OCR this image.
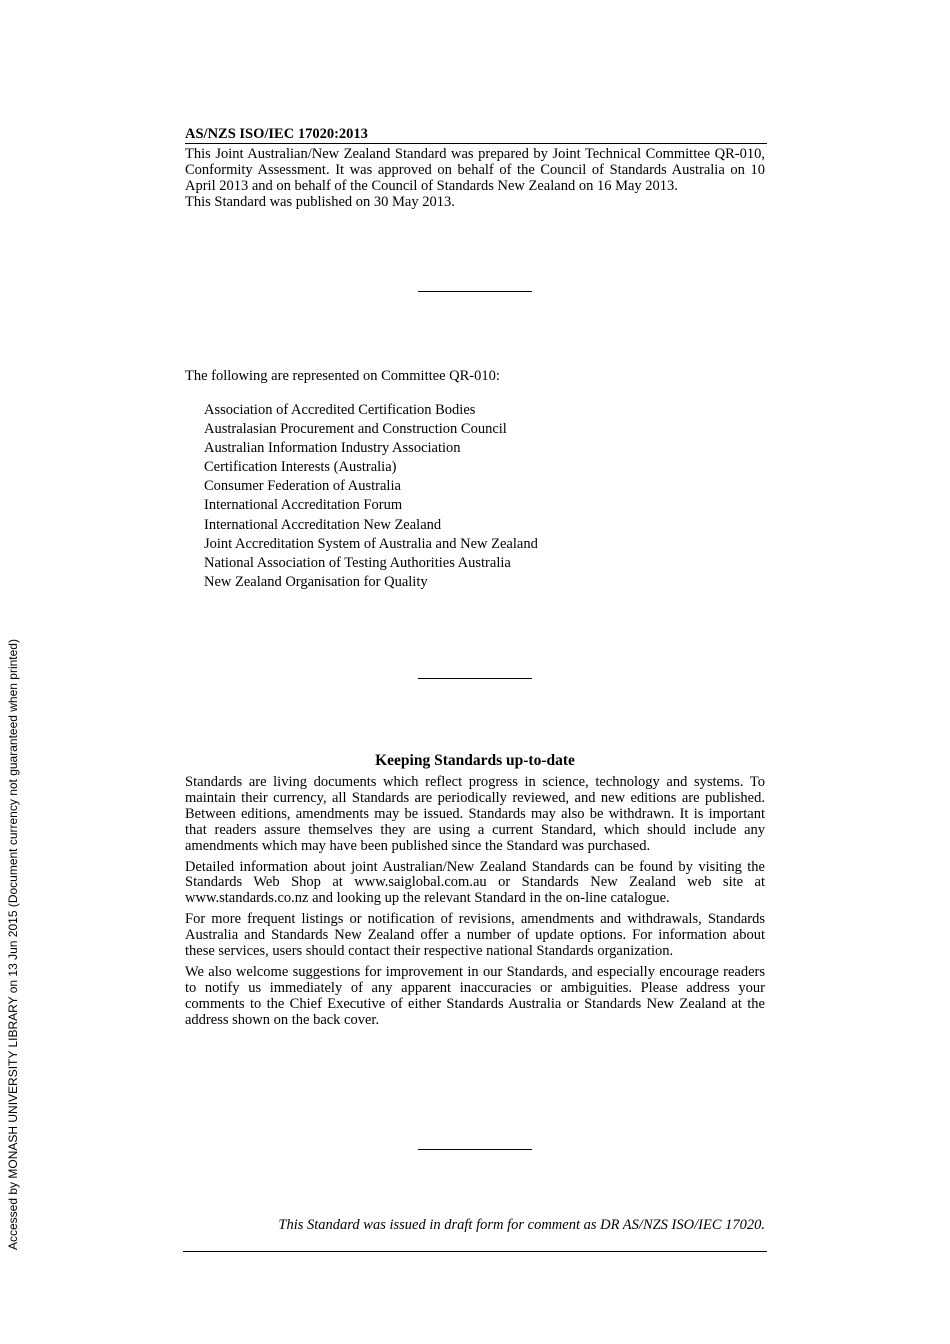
Accessed by MONASH UNIVERSITY LIBRARY on 13 Jun 2015 (Document currency not guaranteed when printed)
AS/NZS ISO/IEC 17020:2013

This Joint Australian/New Zealand Standard was prepared by Joint Technical Committee QR-010, Conformity Assessment. It was approved on behalf of the Council of Standards Australia on 10 April 2013 and on behalf of the Council of Standards New Zealand on 16 May 2013.

This Standard was published on 30 May 2013.

The following are represented on Committee QR-010:

Association of Accredited Certification Bodies
Australasian Procurement and Construction Council
Australian Information Industry Association
Certification Interests (Australia)
Consumer Federation of Australia
International Accreditation Forum
International Accreditation New Zealand
Joint Accreditation System of Australia and New Zealand
National Association of Testing Authorities Australia
New Zealand Organisation for Quality
Keeping Standards up-to-date

Standards are living documents which reflect progress in science, technology and systems. To maintain their currency, all Standards are periodically reviewed, and new editions are published. Between editions, amendments may be issued. Standards may also be withdrawn. It is important that readers assure themselves they are using a current Standard, which should include any amendments which may have been published since the Standard was purchased.

Detailed information about joint Australian/New Zealand Standards can be found by visiting the Standards Web Shop at www.saiglobal.com.au or Standards New Zealand web site at www.standards.co.nz and looking up the relevant Standard in the on-line catalogue.

For more frequent listings or notification of revisions, amendments and withdrawals, Standards Australia and Standards New Zealand offer a number of update options. For information about these services, users should contact their respective national Standards organization.

We also welcome suggestions for improvement in our Standards, and especially encourage readers to notify us immediately of any apparent inaccuracies or ambiguities. Please address your comments to the Chief Executive of either Standards Australia or Standards New Zealand at the address shown on the back cover.

This Standard was issued in draft form for comment as DR AS/NZS ISO/IEC 17020.
